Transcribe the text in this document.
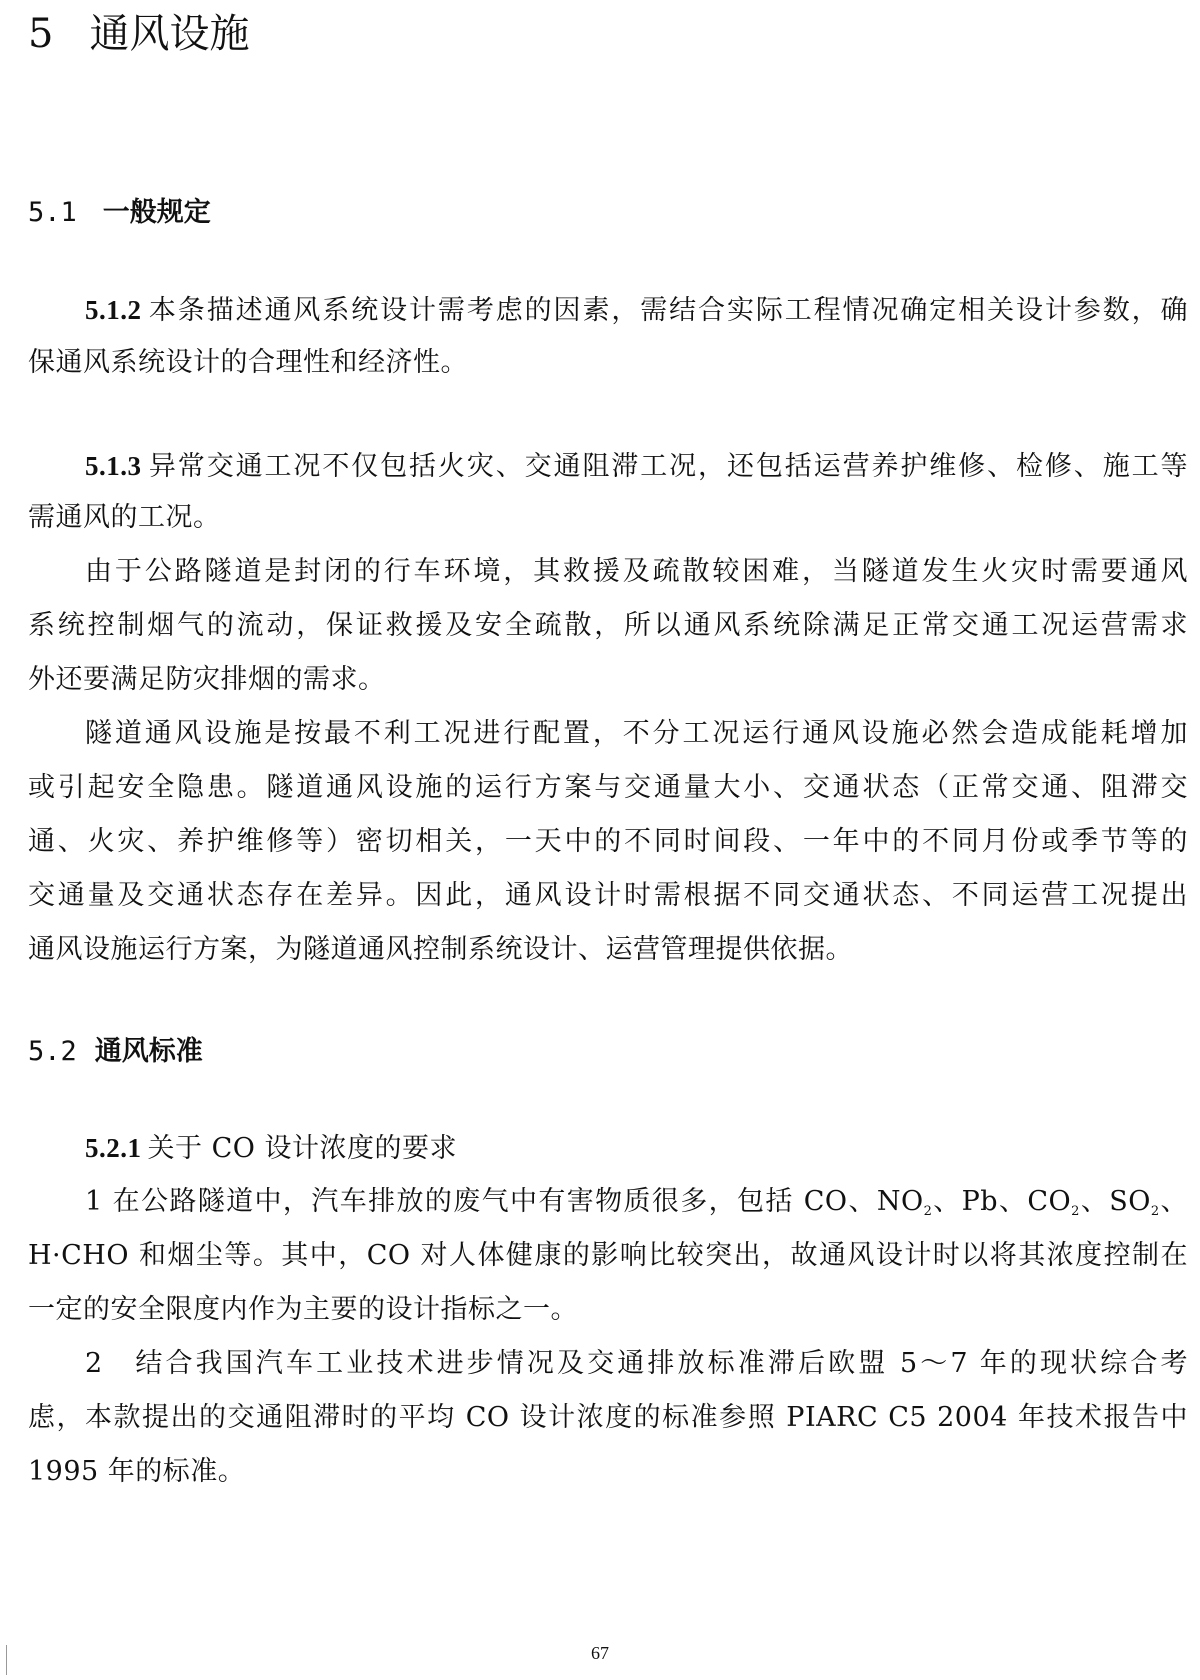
5 通风设施
5.1 一般规定
5.1.2 本条描述通风系统设计需考虑的因素，需结合实际工程情况确定相关设计参数，确
保通风系统设计的合理性和经济性。
5.1.3 异常交通工况不仅包括火灾、交通阻滞工况，还包括运营养护维修、检修、施工等
需通风的工况。
由于公路隧道是封闭的行车环境，其救援及疏散较困难，当隧道发生火灾时需要通风
系统控制烟气的流动，保证救援及安全疏散，所以通风系统除满足正常交通工况运营需求
外还要满足防灾排烟的需求。
隧道通风设施是按最不利工况进行配置，不分工况运行通风设施必然会造成能耗增加
或引起安全隐患。隧道通风设施的运行方案与交通量大小、交通状态（正常交通、阻滞交
通、火灾、养护维修等）密切相关，一天中的不同时间段、一年中的不同月份或季节等的
交通量及交通状态存在差异。因此，通风设计时需根据不同交通状态、不同运营工况提出
通风设施运行方案，为隧道通风控制系统设计、运营管理提供依据。
5.2 通风标准
5.2.1 关于 CO 设计浓度的要求
1 在公路隧道中，汽车排放的废气中有害物质很多，包括 CO、$NO_2$、Pb、$CO_2$、$SO_2$、
H·CHO 和烟尘等。其中，CO 对人体健康的影响比较突出，故通风设计时以将其浓度控制在
一定的安全限度内作为主要的设计指标之一。
2　结合我国汽车工业技术进步情况及交通排放标准滞后欧盟 5～7 年的现状综合考
虑，本款提出的交通阻滞时的平均 CO 设计浓度的标准参照 PIARC C5 2004 年技术报告中
1995 年的标准。
67
